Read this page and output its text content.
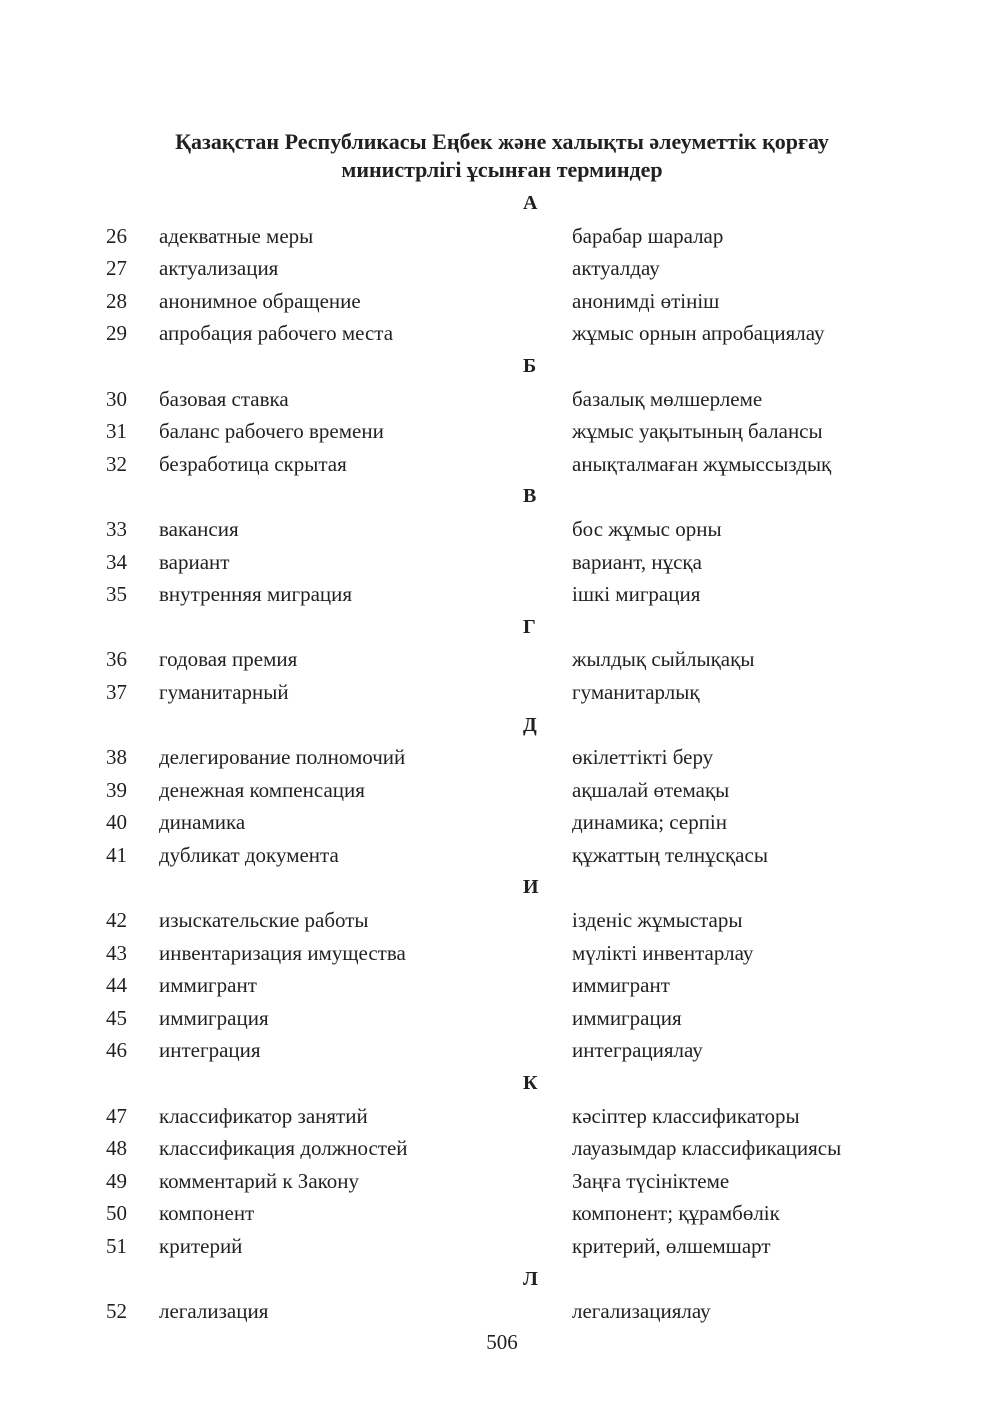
Қазақстан Республикасы Еңбек және халықты әлеуметтік қорғау
министрлігі ұсынған терминдер
А
26 адекватные меры	барабар шаралар
27 актуализация	актуалдау
28 анонимное обращение	анонимді өтініш
29 апробация рабочего места	жұмыс орнын апробациялау
Б
30 базовая ставка	базалық мөлшерлеме
31 баланс рабочего времени	жұмыс уақытының балансы
32 безработица скрытая	анықталмаған жұмыссыздық
В
33 вакансия	бос жұмыс орны
34 вариант	вариант, нұсқа
35 внутренняя миграция	ішкі миграция
Г
36 годовая премия	жылдық сыйлықақы
37 гуманитарный	гуманитарлық
Д
38 делегирование полномочий	өкілеттікті беру
39 денежная компенсация	ақшалай өтемақы
40 динамика	динамика; серпін
41 дубликат документа	құжаттың телнұсқасы
И
42 изыскательские работы	ізденіс жұмыстары
43 инвентаризация имущества	мүлікті инвентарлау
44 иммигрант	иммигрант
45 иммиграция	иммиграция
46 интеграция	интеграциялау
К
47 классификатор занятий	кәсіптер классификаторы
48 классификация должностей	лауазымдар классификациясы
49 комментарий к Закону	Заңға түсініктеме
50 компонент	компонент; құрамбөлік
51 критерий	критерий, өлшемшарт
Л
52 легализация	легализациялау
506
